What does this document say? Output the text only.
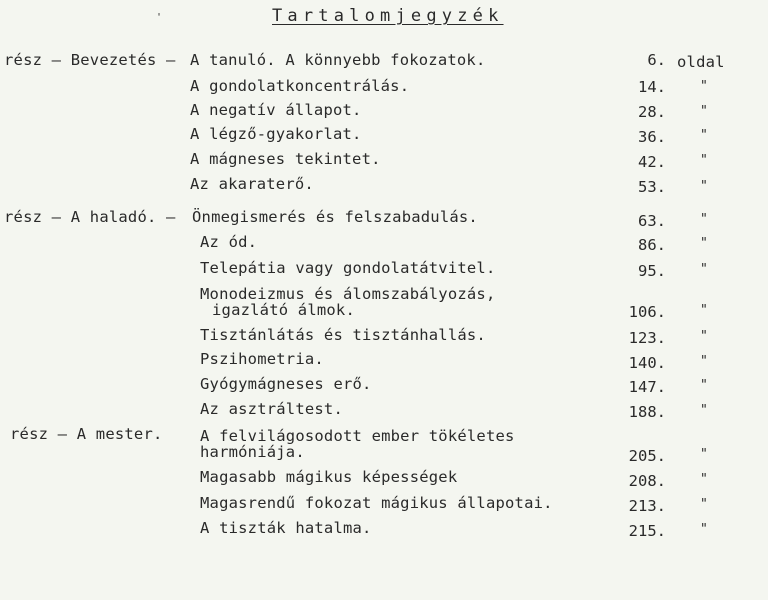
'	Tartalomjegyzék
rész – Bevezetés – A tanuló. A könnyebb fokozatok.	6. oldal
A gondolatkoncentrálás.	14.	"
A negatív állapot.	28.	"
A légző-gyakorlat.	36.	"
A mágneses tekintet.	42.	"
Az akaraterő.	53.	"
rész – A haladó. – Önmegismerés és felszabadulás.	63.	"
Az ód.	86.	"
Telepátia vagy gondolatátvitel.	95.	"
Monodeizmus és álomszabályozás,
igazlátó álmok.	106.	"
Tisztánlátás és tisztánhallás.	123.	"
Pszihometria.	140.	"
Gyógymágneses erő.	147.	"
Az asztráltest.	188.	"
rész – A mester. A felvilágosodott ember tökéletes
harmóniája.	205.	"
Magasabb mágikus képességek	208.	"
Magasrendű fokozat mágikus állapotai.	213.	"
A tiszták hatalma.	215.	"
